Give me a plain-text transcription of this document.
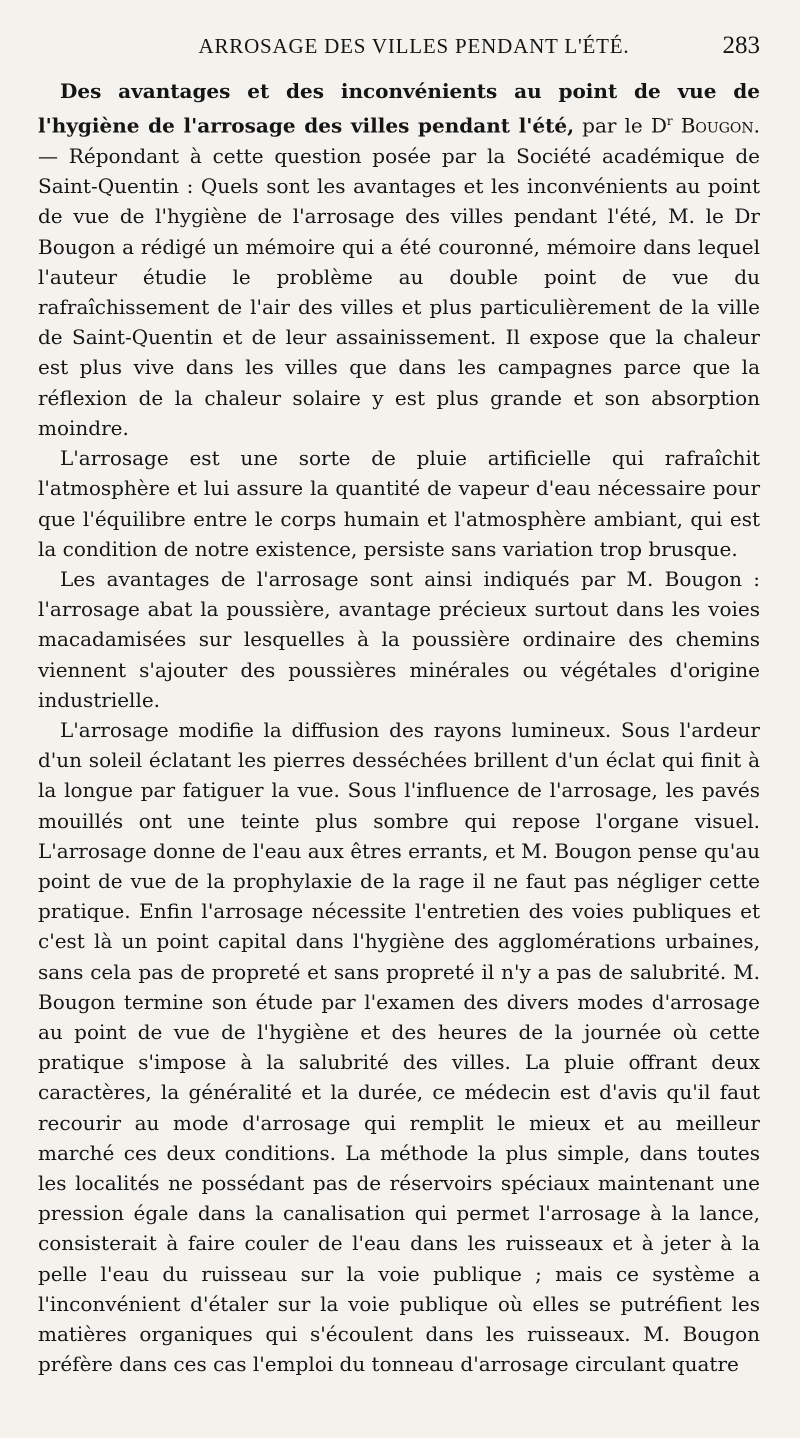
ARROSAGE DES VILLES PENDANT L'ÉTÉ.	283

Des avantages et des inconvénients au point de vue de l'hygiène de l'arrosage des villes pendant l'été, par le $D^r$ Bougon. — Répondant à cette question posée par la Société académique de Saint-Quentin : Quels sont les avantages et les inconvénients au point de vue de l'hygiène de l'arrosage des villes pendant l'été, M. le Dr Bougon a rédigé un mémoire qui a été couronné, mémoire dans lequel l'auteur étudie le problème au double point de vue du rafraîchissement de l'air des villes et plus particulièrement de la ville de Saint-Quentin et de leur assainissement. Il expose que la chaleur est plus vive dans les villes que dans les campagnes parce que la réflexion de la chaleur solaire y est plus grande et son absorption moindre.

L'arrosage est une sorte de pluie artificielle qui rafraîchit l'atmosphère et lui assure la quantité de vapeur d'eau nécessaire pour que l'équilibre entre le corps humain et l'atmosphère ambiant, qui est la condition de notre existence, persiste sans variation trop brusque.

Les avantages de l'arrosage sont ainsi indiqués par M. Bougon : l'arrosage abat la poussière, avantage précieux surtout dans les voies macadamisées sur lesquelles à la poussière ordinaire des chemins viennent s'ajouter des poussières minérales ou végétales d'origine industrielle.

L'arrosage modifie la diffusion des rayons lumineux. Sous l'ardeur d'un soleil éclatant les pierres desséchées brillent d'un éclat qui finit à la longue par fatiguer la vue. Sous l'influence de l'arrosage, les pavés mouillés ont une teinte plus sombre qui repose l'organe visuel. L'arrosage donne de l'eau aux êtres errants, et M. Bougon pense qu'au point de vue de la prophylaxie de la rage il ne faut pas négliger cette pratique. Enfin l'arrosage nécessite l'entretien des voies publiques et c'est là un point capital dans l'hygiène des agglomérations urbaines, sans cela pas de propreté et sans propreté il n'y a pas de salubrité. M. Bougon termine son étude par l'examen des divers modes d'arrosage au point de vue de l'hygiène et des heures de la journée où cette pratique s'impose à la salubrité des villes. La pluie offrant deux caractères, la généralité et la durée, ce médecin est d'avis qu'il faut recourir au mode d'arrosage qui remplit le mieux et au meilleur marché ces deux conditions. La méthode la plus simple, dans toutes les localités ne possédant pas de réservoirs spéciaux maintenant une pression égale dans la canalisation qui permet l'arrosage à la lance, consisterait à faire couler de l'eau dans les ruisseaux et à jeter à la pelle l'eau du ruisseau sur la voie publique ; mais ce système a l'inconvénient d'étaler sur la voie publique où elles se putréfient les matières organiques qui s'écoulent dans les ruisseaux. M. Bougon préfère dans ces cas l'emploi du tonneau d'arrosage circulant quatre
